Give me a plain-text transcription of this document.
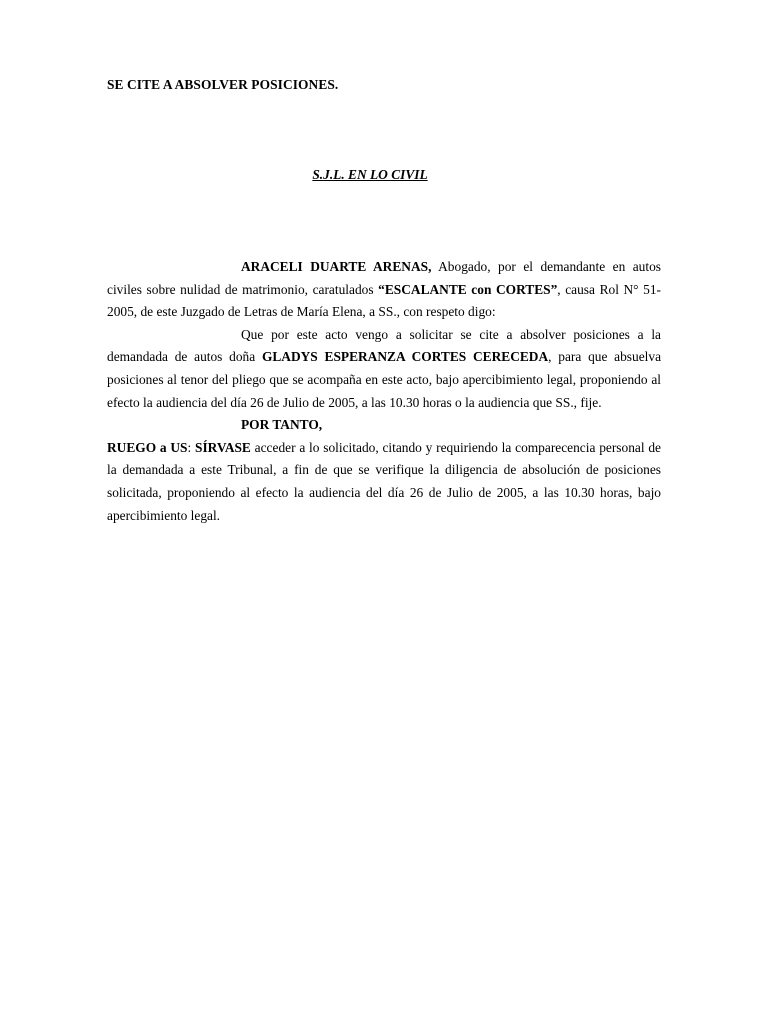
SE CITE A ABSOLVER POSICIONES.
S.J.L. EN LO CIVIL

ARACELI DUARTE ARENAS, Abogado, por el demandante en autos civiles sobre nulidad de matrimonio, caratulados “ESCALANTE con CORTES”, causa Rol N° 51-2005, de este Juzgado de Letras de María Elena, a SS., con respeto digo:

Que por este acto vengo a solicitar se cite a absolver posiciones a la demandada de autos doña GLADYS ESPERANZA CORTES CERECEDA, para que absuelva posiciones al tenor del pliego que se acompaña en este acto, bajo apercibimiento legal, proponiendo al efecto la audiencia del día 26 de Julio de 2005, a las 10.30 horas o la audiencia que SS., fije.

POR TANTO,

RUEGO a US: SÍRVASE acceder a lo solicitado, citando y requiriendo la comparecencia personal de la demandada a este Tribunal, a fin de que se verifique la diligencia de absolución de posiciones solicitada, proponiendo al efecto la audiencia del día 26 de Julio de 2005, a las 10.30 horas, bajo apercibimiento legal.
